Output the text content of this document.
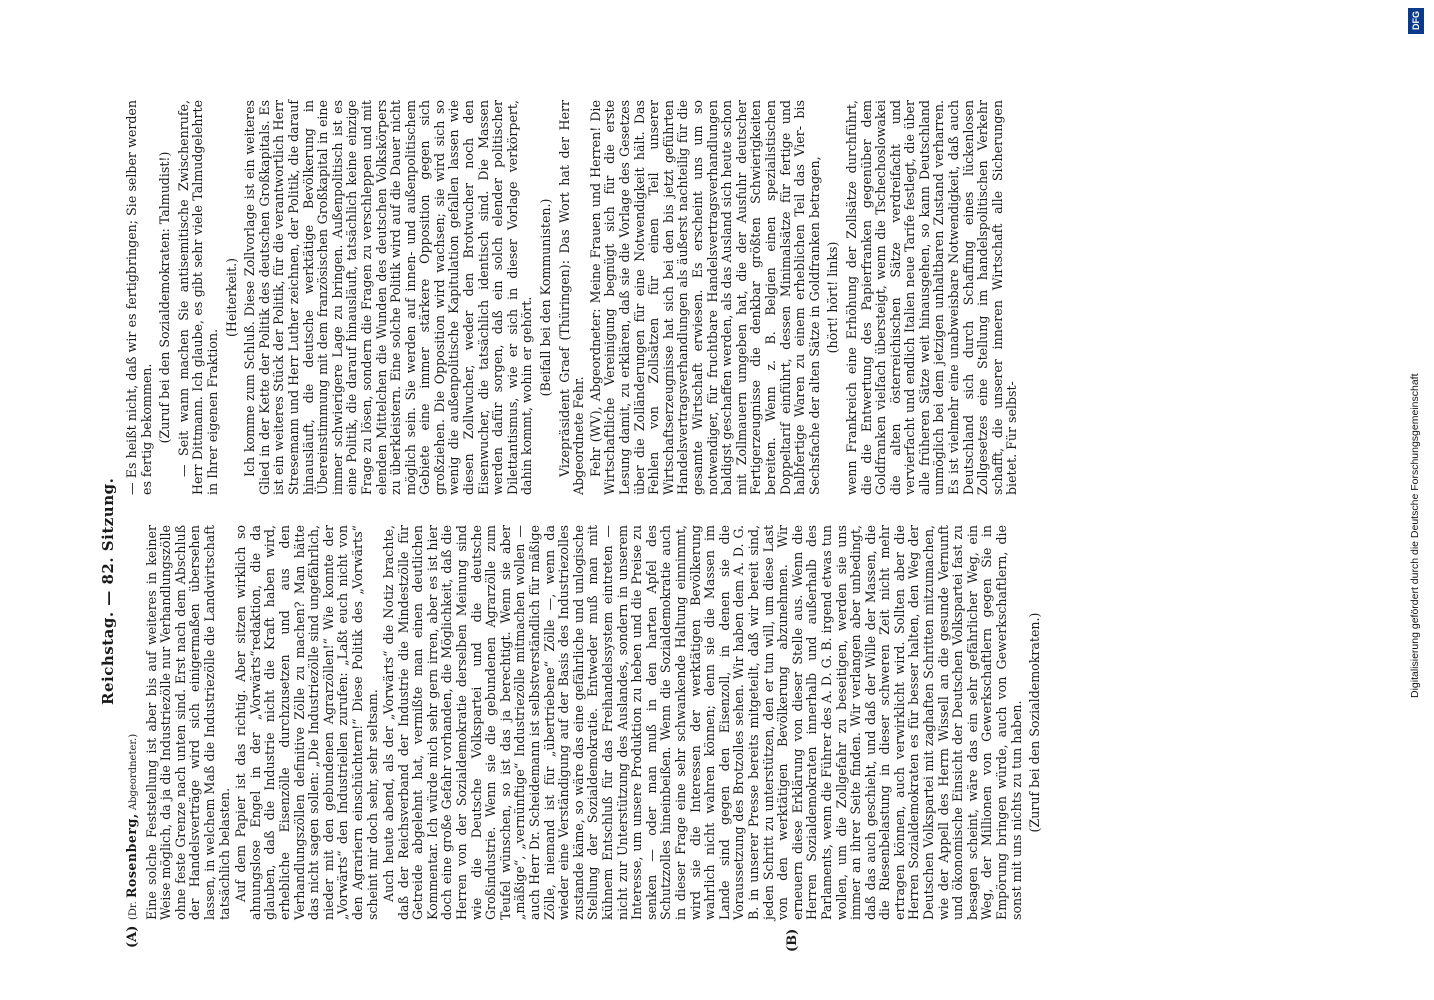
Reichstag. — 82. Sitzung.
(A)	(B)
(Dr. Rosenberg, Abgeordneter.) Eine solche Feststellung ist aber bis auf weiteres in keiner Weise möglich, da ja die Industriezölle nur Verhandlungszölle ohne feste Grenze nach unten sind. Erst nach dem Abschluß der Handelsverträge wird sich einigermaßen übersehen lassen, in welchem Maß die Industriezölle die Landwirtschaft tatsächlich belasten. Auf dem Papier ist das richtig. Aber sitzen wirklich so ahnungslose Engel in der „Vorwärts“redaktion, die da glauben, daß die Industrie nicht die Kraft haben wird, erhebliche Eisenzölle durchzusetzen und aus den Verhandlungszöllen definitive Zölle zu machen? Man hätte das nicht sagen sollen: „Die Industriezölle sind ungefährlich, nieder mit den gebundenen Agrarzöllen!“ Wie konnte der „Vorwärts“ den Industriellen zurufen: „Laßt euch nicht von den Agrariern einschüchtern!“ Diese Politik des „Vorwärts“ scheint mir doch sehr, sehr seltsam. Auch heute abend, als der „Vorwärts“ die Notiz brachte, daß der Reichsverband der Industrie die Mindestzölle für Getreide abgelehnt hat, vermißte man einen deutlichen Kommentar. Ich würde mich sehr gern irren, aber es ist hier doch eine große Gefahr vorhanden, die Möglichkeit, daß die Herren von der Sozialdemokratie derselben Meinung sind wie die Deutsche Volkspartei und die deutsche Großindustrie. Wenn sie die gebundenen Agrarzölle zum Teufel wünschen, so ist das ja berechtigt. Wenn sie aber „mäßige“, „vernünftige“ Industriezölle mitmachen wollen — auch Herr Dr. Scheidemann ist selbstverständlich für mäßige Zölle, niemand ist für „übertriebene“ Zölle —, wenn da wieder eine Verständigung auf der Basis des Industriezolles zustande käme, so wäre das eine gefährliche und unlogische Stellung der Sozialdemokratie. Entweder muß man mit kühnem Entschluß für das Freihandelssystem eintreten — nicht zur Unterstützung des Auslandes, sondern in unserem Interesse, um unsere Produktion zu heben und die Preise zu senken — oder man muß in den harten Apfel des Schutzzolles hineinbeißen. Wenn die Sozialdemokratie auch in dieser Frage eine sehr schwankende Haltung einnimmt, wird sie die Interessen der werktätigen Bevölkerung wahrlich nicht wahren können; denn sie die Massen im Lande sind gegen den Eisenzoll, in denen sie die Voraussetzung des Brotzolles sehen. Wir haben dem A. D. G. B. in unserer Presse bereits mitgeteilt, daß wir bereit sind, jeden Schritt zu unterstützen, den er tun will, um diese Last von den werktätigen Bevölkerung abzunehmen. Wir erneuern diese Erklärung von dieser Stelle aus. Wenn die Herren Sozialdemokraten innerhalb und außerhalb des Parlaments, wenn die Führer des A. D. G. B. irgend etwas tun wollen, um die Zollgefahr zu beseitigen, werden sie uns immer an ihrer Seite finden. Wir verlangen aber unbedingt, daß das auch geschieht, und daß der Wille der Massen, die die Riesenbelastung in dieser schweren Zeit nicht mehr ertragen können, auch verwirklicht wird. Sollten aber die Herren Sozialdemokraten es für besser halten, den Weg der Deutschen Volkspartei mit zaghaften Schritten mitzumachen, wie der Appell des Herrn Wissell an die gesunde Vernunft und ökonomische Einsicht der Deutschen Volkspartei fast zu besagen scheint, wäre das ein sehr gefährlicher Weg, ein Weg, der Millionen von Gewerkschaftlern gegen Sie in Empörung bringen würde, auch von Gewerkschaftlern, die sonst mit uns nichts zu tun haben. (Zuruf bei den Sozialdemokraten.)

— Es heißt nicht, daß wir es fertigbringen; Sie selber werden es fertig bekommen. (Zuruf bei den Sozialdemokraten: Talmudist!) — Seit wann machen Sie antisemitische Zwischenrufe, Herr Dittmann. Ich glaube, es gibt sehr viele Talmudgelehrte in Ihrer eigenen Fraktion.

(Heiterkeit.) Ich komme zum Schluß. Diese Zollvorlage ist ein weiteres Glied in der Kette der Politik des deutschen Großkapitals. Es ist ein weiteres Stück der Politik, für die verantwortlich Herr Stresemann und Herr Luther zeichnen, der Politik, die darauf hinausläuft, die deutsche werktätige Bevölkerung in Übereinstimmung mit dem französischen Großkapital in eine immer schwierigere Lage zu bringen. Außenpolitisch ist es eine Politik, die darauf hinausläuft, tatsächlich keine einzige Frage zu lösen, sondern die Fragen zu verschleppen und mit elenden Mittelchen die Wunden des deutschen Volkskörpers zu überkleistern. Eine solche Politik wird auf die Dauer nicht möglich sein. Sie werden auf innen- und außenpolitischem Gebiete eine immer stärkere Opposition gegen sich großziehen. Die Opposition wird wachsen; sie wird sich so wenig die außenpolitische Kapitulation gefallen lassen wie diesen Zollwucher, weder den Brotwucher noch den Eisenwucher, die tatsächlich identisch sind. Die Massen werden dafür sorgen, daß ein solch elender politischer Dilettantismus, wie er sich in dieser Vorlage verkörpert, dahin kommt, wohin er gehört. (Beifall bei den Kommunisten.) Vizepräsident Graef (Thüringen): Das Wort hat der Herr Abgeordnete Fehr. Fehr (WV), Abgeordneter: Meine Frauen und Herren! Die Wirtschaftliche Vereinigung begnügt sich für die erste Lesung damit, zu erklären, daß sie die Vorlage des Gesetzes über die Zolländerungen für eine Notwendigkeit hält. Das Fehlen von Zollsätzen für einen Teil unserer Wirtschaftserzeugnisse hat sich bei den bis jetzt geführten Handelsvertragsverhandlungen als äußerst nachteilig für die gesamte Wirtschaft erwiesen. Es erscheint uns um so notwendiger, für fruchtbare Handelsvertragsverhandlungen baldigst geschaffen werden, als das Ausland sich heute schon mit Zollmauern umgeben hat, die der Ausfuhr deutscher Fertigerzeugnisse die denkbar größten Schwierigkeiten bereiten. Wenn z. B. Belgien einen spezialistischen Doppeltarif einführt, dessen Minimalsätze für fertige und halbfertige Waren zu einem erheblichen Teil das Vier- bis Sechsfache der alten Sätze in Goldfranken betragen, (hört! hört! links) wenn Frankreich eine Erhöhung der Zollsätze durchführt, die die Entwertung des Papierfranken gegenüber dem Goldfranken vielfach übersteigt, wenn die Tschechoslowakei die alten österreichischen Sätze verdreifacht und vervierfacht und endlich Italien neue Tarife festlegt, die über alle früheren Sätze weit hinausgehen, so kann Deutschland unmöglich bei dem jetzigen unhaltbaren Zustand verharren. Es ist vielmehr eine unabweisbare Notwendigkeit, daß auch Deutschland sich durch Schaffung eines lückenlosen Zollgesetzes eine Stellung im handelspolitischen Verkehr schafft, die unserer inneren Wirtschaft alle Sicherungen bietet. Für selbst-

DFG
Digitalisierung gefördert durch die Deutsche Forschungsgemeinschaft
